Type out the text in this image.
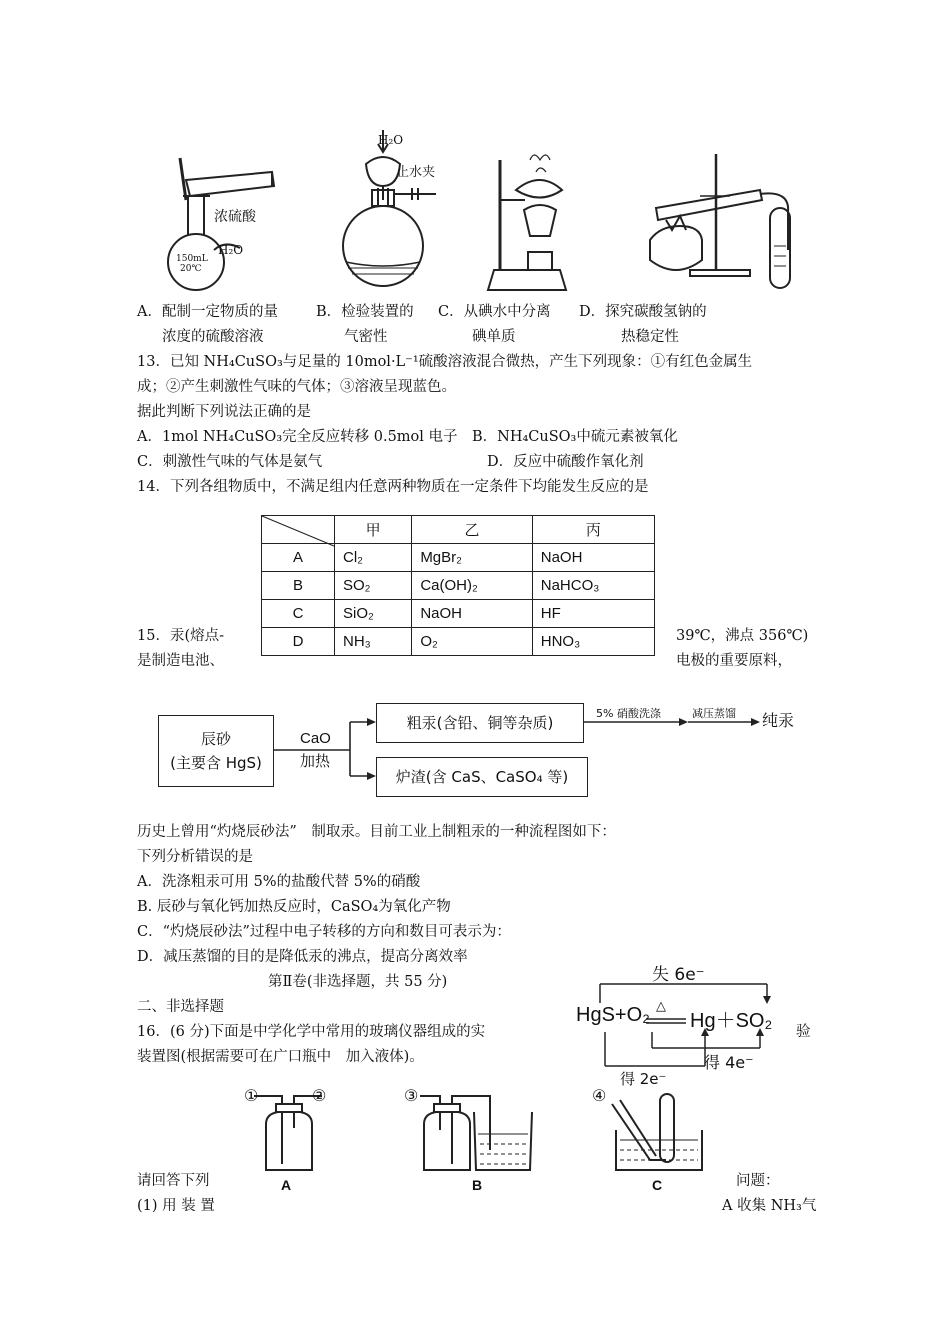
H₂O
止水夹
浓硫酸
H₂O
150mL
20℃
A．配制一定物质的量	B．检验装置的 C．从碘水中分离 D．探究碳酸氢钠的
浓度的硫酸溶液	气密性	碘单质	热稳定性
13．已知 NH₄CuSO₃与足量的 10mol·L⁻¹硫酸溶液混合微热，产生下列现象：①有红色金属生
成；②产生刺激性气味的气体；③溶液呈现蓝色。
据此判断下列说法正确的是
A．1mol NH₄CuSO₃完全反应转移 0.5mol 电子 B．NH₄CuSO₃中硫元素被氧化
C．刺激性气味的气体是氨气	D．反应中硫酸作氧化剂
14．下列各组物质中，不满足组内任意两种物质在一定条件下均能发生反应的是
	甲	乙	丙
A	Cl₂	MgBr₂	NaOH
B	SO₂	Ca(OH)₂	NaHCO₃
C	SiO₂	NaOH	HF
D	NH₃	O₂	HNO₃
15．汞(熔点-	39℃，沸点 356℃)
是制造电池、	电极的重要原料，
辰砂
(主要含 HgS)
粗汞(含铅、铜等杂质)
炉渣(含 CaS、CaSO₄ 等)
CaO
加热
5% 硝酸洗涤	减压蒸馏 纯汞
历史上曾用“灼烧辰砂法”　制取汞。目前工业上制粗汞的一种流程图如下：
下列分析错误的是
A．洗涤粗汞可用 5%的盐酸代替 5%的硝酸
B. 辰砂与氧化钙加热反应时，CaSO₄为氧化产物
C．“灼烧辰砂法”过程中电子转移的方向和数目可表示为：
D．减压蒸馏的目的是降低汞的沸点，提高分离效率
第Ⅱ卷(非选择题，共 55 分)
二、非选择题
16．(6 分)下面是中学化学中常用的玻璃仪器组成的实	验
装置图(根据需要可在广口瓶中　加入液体)。
失 6e⁻
HgS+O₂ △
Hg＋SO₂
得 4e⁻
得 2e⁻
①	②	③	④
A	B	C
请回答下列	问题：
(1) 用 装 置	A 收集 NH₃气
